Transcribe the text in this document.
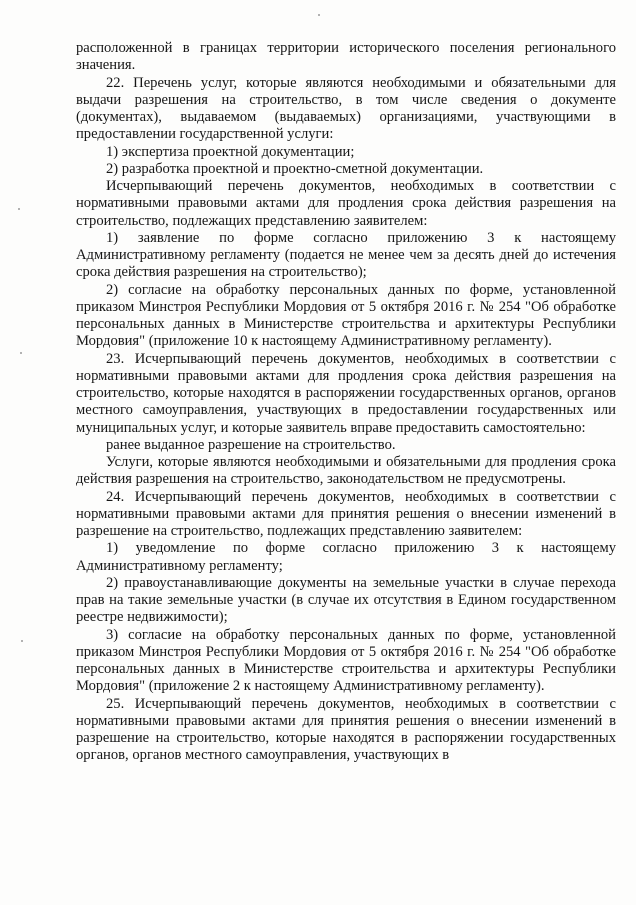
расположенной в границах территории исторического поселения регионального значения.

22. Перечень услуг, которые являются необходимыми и обязательными для выдачи разрешения на строительство, в том числе сведения о документе (документах), выдаваемом (выдаваемых) организациями, участвующими в предоставлении государственной услуги:

1) экспертиза проектной документации;

2) разработка проектной и проектно-сметной документации.

Исчерпывающий перечень документов, необходимых в соответствии с нормативными правовыми актами для продления срока действия разрешения на строительство, подлежащих представлению заявителем:

1) заявление по форме согласно приложению 3 к настоящему Административному регламенту (подается не менее чем за десять дней до истечения срока действия разрешения на строительство);

2) согласие на обработку персональных данных по форме, установленной приказом Минстроя Республики Мордовия от 5 октября 2016 г. № 254 "Об обработке персональных данных в Министерстве строительства и архитектуры Республики Мордовия" (приложение 10 к настоящему Административному регламенту).

23. Исчерпывающий перечень документов, необходимых в соответствии с нормативными правовыми актами для продления срока действия разрешения на строительство, которые находятся в распоряжении государственных органов, органов местного самоуправления, участвующих в предоставлении государственных или муниципальных услуг, и которые заявитель вправе предоставить самостоятельно:

ранее выданное разрешение на строительство.

Услуги, которые являются необходимыми и обязательными для продления срока действия разрешения на строительство, законодательством не предусмотрены.

24. Исчерпывающий перечень документов, необходимых в соответствии с нормативными правовыми актами для принятия решения о внесении изменений в разрешение на строительство, подлежащих представлению заявителем:

1) уведомление по форме согласно приложению 3 к настоящему Административному регламенту;

2) правоустанавливающие документы на земельные участки в случае перехода прав на такие земельные участки (в случае их отсутствия в Едином государственном реестре недвижимости);

3) согласие на обработку персональных данных по форме, установленной приказом Минстроя Республики Мордовия от 5 октября 2016 г. № 254 "Об обработке персональных данных в Министерстве строительства и архитектуры Республики Мордовия" (приложение 2 к настоящему Административному регламенту).

25. Исчерпывающий перечень документов, необходимых в соответствии с нормативными правовыми актами для принятия решения о внесении изменений в разрешение на строительство, которые находятся в распоряжении государственных органов, органов местного самоуправления, участвующих в
